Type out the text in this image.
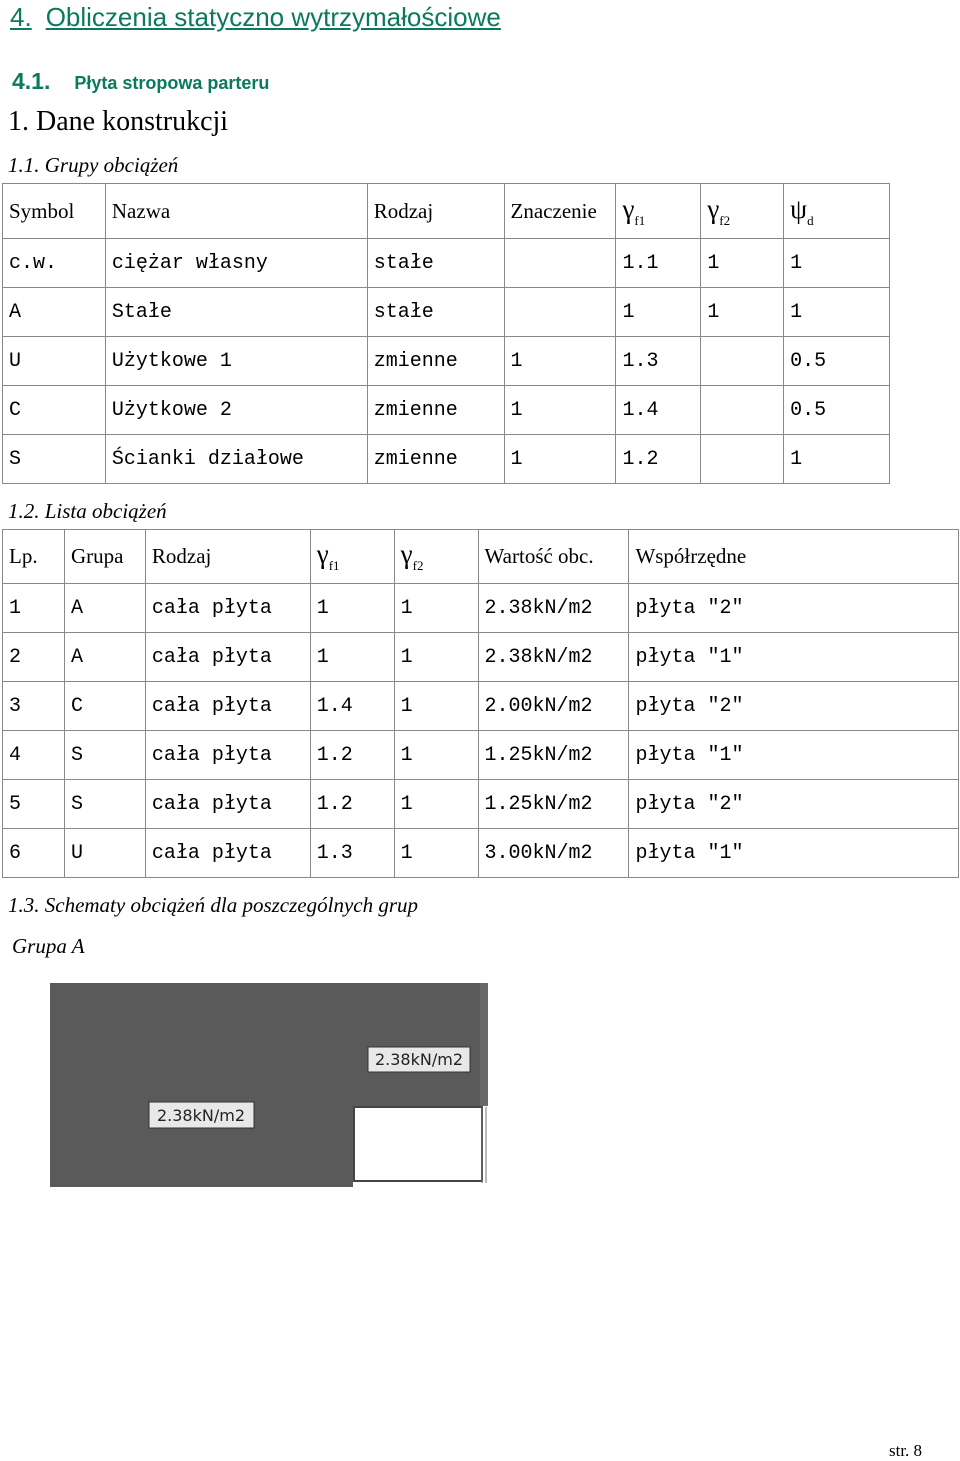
4. Obliczenia statyczno wytrzymałościowe
4.1. Płyta stropowa parteru
1. Dane konstrukcji
1.1. Grupy obciążeń
Symbol	Nazwa	Rodzaj	Znaczenie	$\gamma_{f1}$	$\gamma_{f2}$	$\psi_d$
c.w.	ciężar własny	stałe		1.1	1	1
A	Stałe	stałe		1	1	1
U	Użytkowe 1	zmienne	1	1.3		0.5
C	Użytkowe 2	zmienne	1	1.4		0.5
S	Ścianki działowe	zmienne	1	1.2		1
1.2. Lista obciążeń
Lp.	Grupa	Rodzaj	$\gamma_{f1}$	$\gamma_{f2}$	Wartość obc.	Współrzędne
1	A	cała płyta	1	1	2.38kN/m2	płyta "2"
2	A	cała płyta	1	1	2.38kN/m2	płyta "1"
3	C	cała płyta	1.4	1	2.00kN/m2	płyta "2"
4	S	cała płyta	1.2	1	1.25kN/m2	płyta "1"
5	S	cała płyta	1.2	1	1.25kN/m2	płyta "2"
6	U	cała płyta	1.3	1	3.00kN/m2	płyta "1"
1.3. Schematy obciążeń dla poszczególnych grup
Grupa A
2.38kN/m2
2.38kN/m2
str. 8
